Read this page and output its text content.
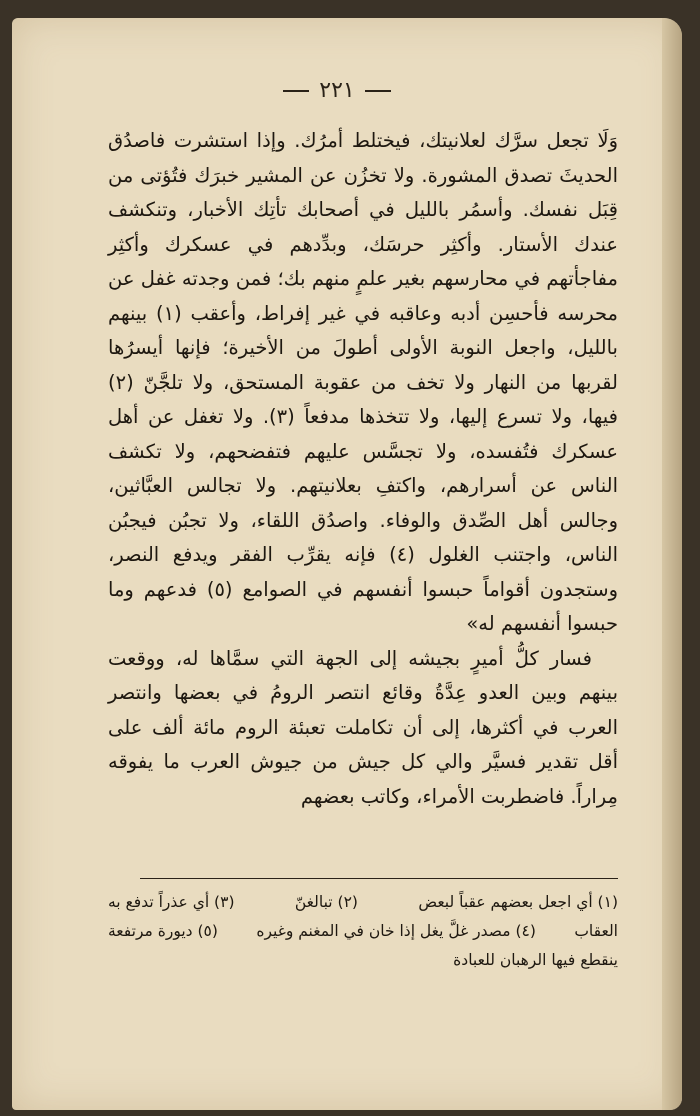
٢٢١

وَلَا تجعل سرَّك لعلانيتك، فيختلط أمرُك. وإذا استشرت فاصدُق الحديثَ تصدق المشورة. ولا تخزُن عن المشير خبرَك فتُؤتى من قِبَل نفسك. وأسمُر بالليل في أصحابك تأتِك الأخبار، وتنكشف عندك الأستار. وأكثِر حرسَك، وبدِّدهم في عسكرك وأكثِر مفاجأتهم في محارسهم بغير علمٍ منهم بك؛ فمن وجدته غفل عن محرسه فأحسِن أدبه وعاقبه في غير إفراط، وأعقب (١) بينهم بالليل، واجعل النوبة الأولى أطولَ من الأخيرة؛ فإنها أيسرُها لقربها من النهار ولا تخف من عقوبة المستحق، ولا تلجَّنّ (٢) فيها، ولا تسرع إليها، ولا تتخذها مدفعاً (٣). ولا تغفل عن أهل عسكرك فتُفسده، ولا تجسَّس عليهم فتفضحهم، ولا تكشف الناس عن أسرارهم، واكتفِ بعلانيتهم. ولا تجالس العبَّاثين، وجالس أهل الصِّدق والوفاء. واصدُق اللقاء، ولا تجبُن فيجبُن الناس، واجتنب الغلول (٤) فإنه يقرِّب الفقر ويدفع النصر، وستجدون أقواماً حبسوا أنفسهم في الصوامع (٥) فدعهم وما حبسوا أنفسهم له»

فسار كلُّ أميرٍ بجيشه إلى الجهة التي سمَّاها له، ووقعت بينهم وبين العدو عِدَّةُ وقائع انتصر الرومُ في بعضها وانتصر العرب في أكثرها، إلى أن تكاملت تعبئة الروم مائة ألف على أقل تقدير فسيَّر والي كل جيش من جيوش العرب ما يفوقه مِراراً. فاضطربت الأمراء، وكاتب بعضهم

(١) أي اجعل بعضهم عقباً لبعض
(٢) تبالغنّ
(٣) أي عذراً تدفع به
العقاب
(٤) مصدر غلَّ يغل إذا خان في المغنم وغيره
(٥) ديورة مرتفعة
ينقطع فيها الرهبان للعبادة
